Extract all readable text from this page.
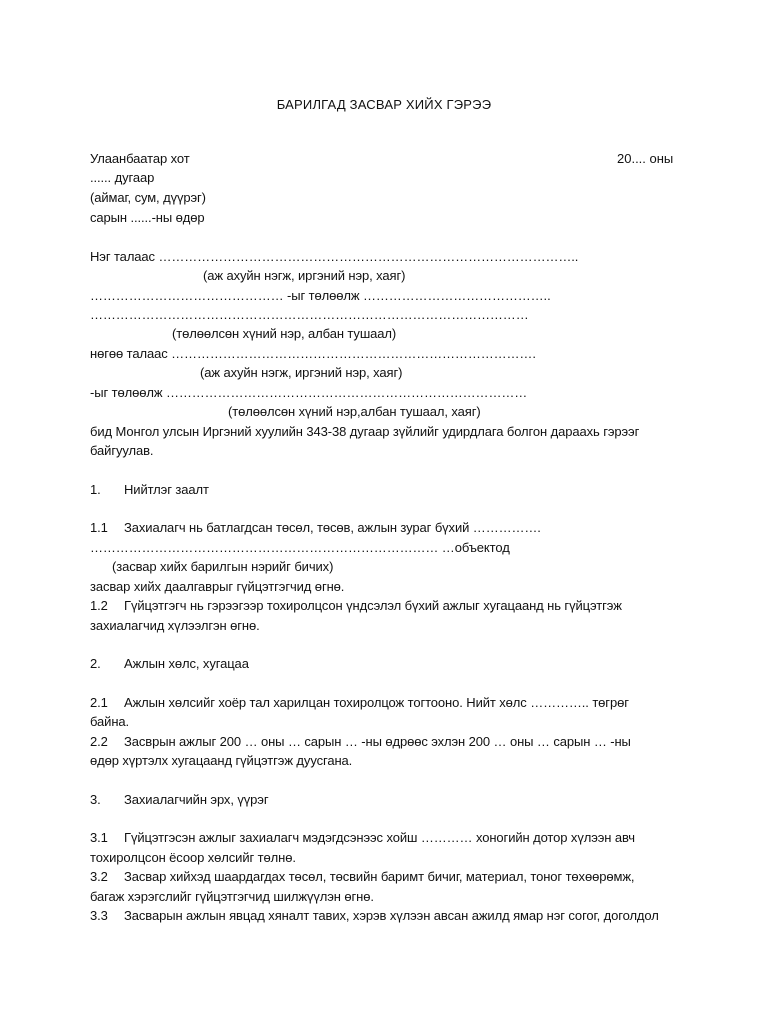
БАРИЛГАД ЗАСВАР ХИЙХ ГЭРЭЭ
Улаанбаатар хот	20.... оны
...... дугаар
(аймаг, сум, дүүрэг)
сарын ......-ны өдөр
Нэг талаас ……………………………………………………………………………………..
(аж ахуйн нэгж, иргэний нэр, хаяг)
……………………………………… -ыг төлөөлж ……………………………………..
…………………………………………………………………………………………
(төлөөлсөн хүний нэр, албан тушаал)
нөгөө талаас ………………………………………………………………………….
(аж ахуйн нэгж, иргэний нэр, хаяг)
-ыг төлөөлж …………………………………………………………………………
(төлөөлсөн хүний нэр,албан тушаал, хаяг)
бид Монгол улсын Иргэний хуулийн 343-38 дугаар зүйлийг удирдлага болгон дараахь гэрээг
байгуулав.
1. Нийтлэг заалт
1.1 Захиалагч нь батлагдсан төсөл, төсөв, ажлын зураг бүхий …………….
……………………………………………………………………… …объектод
(засвар хийх барилгын нэрийг бичих)
засвар хийх даалгаврыг гүйцэтгэгчид өгнө.
1.2 Гүйцэтгэгч нь гэрээгээр тохиролцсон үндсэлэл бүхий ажлыг хугацаанд нь гүйцэтгэж
захиалагчид хүлээлгэн өгнө.
2. Ажлын хөлс, хугацаа
2.1 Ажлын хөлсийг хоёр тал харилцан тохиролцож тогтооно. Нийт хөлс ………….. төгрөг
байна.
2.2 Засврын ажлыг 200 … оны … сарын … -ны өдрөөс эхлэн 200 … оны … сарын … -ны
өдөр хүртэлх хугацаанд гүйцэтгэж дуусгана.
3. Захиалагчийн эрх, үүрэг
3.1 Гүйцэтгэсэн ажлыг захиалагч мэдэгдсэнээс хойш ………… хоногийн дотор хүлээн авч
тохиролцсон ёсоор хөлсийг төлнө.
3.2 Засвар хийхэд шаардагдах төсөл, төсвийн баримт бичиг, материал, тоног төхөөрөмж,
багаж хэрэгслийг гүйцэтгэгчид шилжүүлэн өгнө.
3.3 Засварын ажлын явцад хяналт тавих, хэрэв хүлээн авсан ажилд ямар нэг согог, доголдол
